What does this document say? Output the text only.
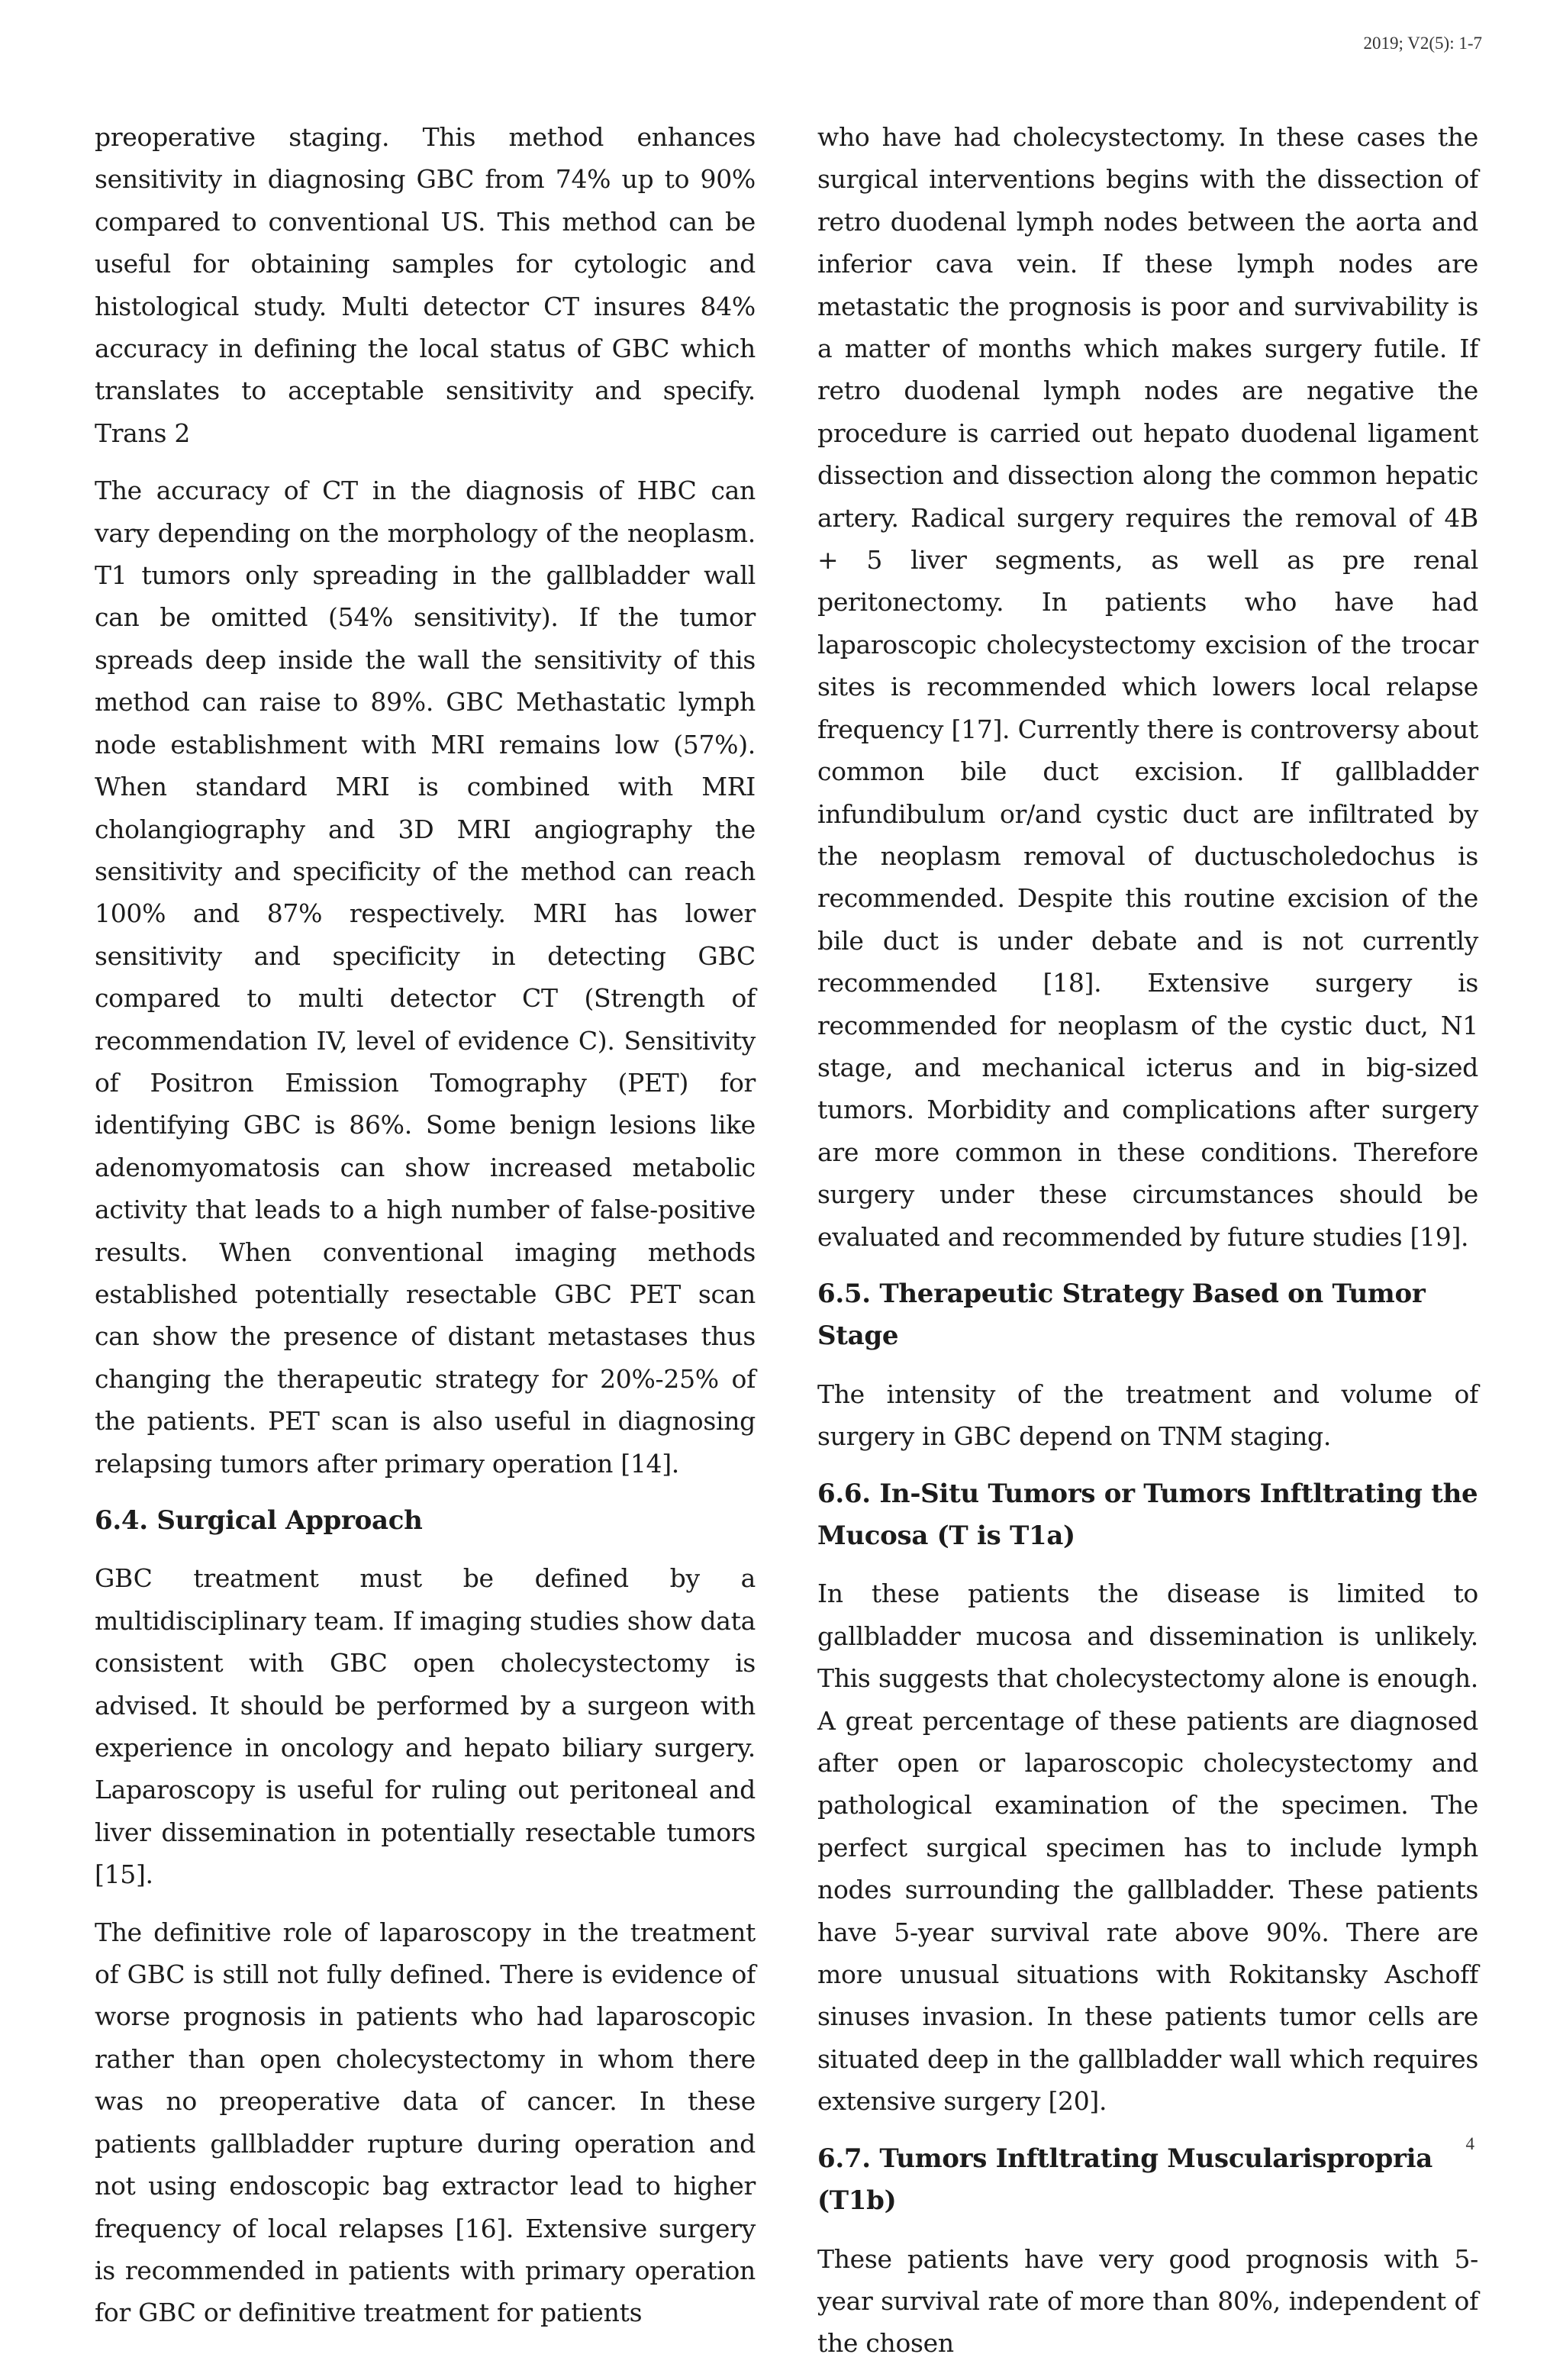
2019; V2(5): 1-7

preoperative staging. This method enhances sensitivity in diagnosing GBC from 74% up to 90% compared to conventional US. This method can be useful for obtaining samples for cytologic and histological study. Multi detector CT insures 84% accuracy in defining the local status of GBC which translates to acceptable sensitivity and specify. Trans 2

The accuracy of CT in the diagnosis of HBC can vary depending on the morphology of the neoplasm. T1 tumors only spreading in the gallbladder wall can be omitted (54% sensitivity). If the tumor spreads deep inside the wall the sensitivity of this method can raise to 89%. GBC Methastatic lymph node establishment with MRI remains low (57%). When standard MRI is combined with MRI cholangiography and 3D MRI angiography the sensitivity and specificity of the method can reach 100% and 87% respectively. MRI has lower sensitivity and specificity in detecting GBC compared to multi detector CT (Strength of recommendation IV, level of evidence C). Sensitivity of Positron Emission Tomography (PET) for identifying GBC is 86%. Some benign lesions like adenomyomatosis can show increased metabolic activity that leads to a high number of false-positive results. When conventional imaging methods established potentially resectable GBC PET scan can show the presence of distant metastases thus changing the therapeutic strategy for 20%-25% of the patients. PET scan is also useful in diagnosing relapsing tumors after primary operation [14].

6.4. Surgical Approach

GBC treatment must be defined by a multidisciplinary team. If imaging studies show data consistent with GBC open cholecystectomy is advised. It should be performed by a surgeon with experience in oncology and hepato biliary surgery. Laparoscopy is useful for ruling out peritoneal and liver dissemination in potentially resectable tumors [15].

The definitive role of laparoscopy in the treatment of GBC is still not fully defined. There is evidence of worse prognosis in patients who had laparoscopic rather than open cholecystectomy in whom there was no preoperative data of cancer. In these patients gallbladder rupture during operation and not using endoscopic bag extractor lead to higher frequency of local relapses [16]. Extensive surgery is recommended in patients with primary operation for GBC or definitive treatment for patients

who have had cholecystectomy. In these cases the surgical interventions begins with the dissection of retro duodenal lymph nodes between the aorta and inferior cava vein. If these lymph nodes are metastatic the prognosis is poor and survivability is a matter of months which makes surgery futile. If retro duodenal lymph nodes are negative the procedure is carried out hepato duodenal ligament dissection and dissection along the common hepatic artery. Radical surgery requires the removal of 4B + 5 liver segments, as well as pre renal peritonectomy. In patients who have had laparoscopic cholecystectomy excision of the trocar sites is recommended which lowers local relapse frequency [17]. Currently there is controversy about common bile duct excision. If gallbladder infundibulum or/and cystic duct are infiltrated by the neoplasm removal of ductuscholedochus is recommended. Despite this routine excision of the bile duct is under debate and is not currently recommended [18]. Extensive surgery is recommended for neoplasm of the cystic duct, N1 stage, and mechanical icterus and in big-sized tumors. Morbidity and complications after surgery are more common in these conditions. Therefore surgery under these circumstances should be evaluated and recommended by future studies [19].

6.5. Therapeutic Strategy Based on Tumor Stage

The intensity of the treatment and volume of surgery in GBC depend on TNM staging.

6.6. In-Situ Tumors or Tumors Inftltrating the Mucosa (T is T1a)

In these patients the disease is limited to gallbladder mucosa and dissemination is unlikely. This suggests that cholecystectomy alone is enough. A great percentage of these patients are diagnosed after open or laparoscopic cholecystectomy and pathological examination of the specimen. The perfect surgical specimen has to include lymph nodes surrounding the gallbladder. These patients have 5-year survival rate above 90%. There are more unusual situations with Rokitansky Aschoff sinuses invasion. In these patients tumor cells are situated deep in the gallbladder wall which requires extensive surgery [20].

6.7. Tumors Inftltrating Muscularispropria (T1b)

These patients have very good prognosis with 5-year survival rate of more than 80%, independent of the chosen

4
